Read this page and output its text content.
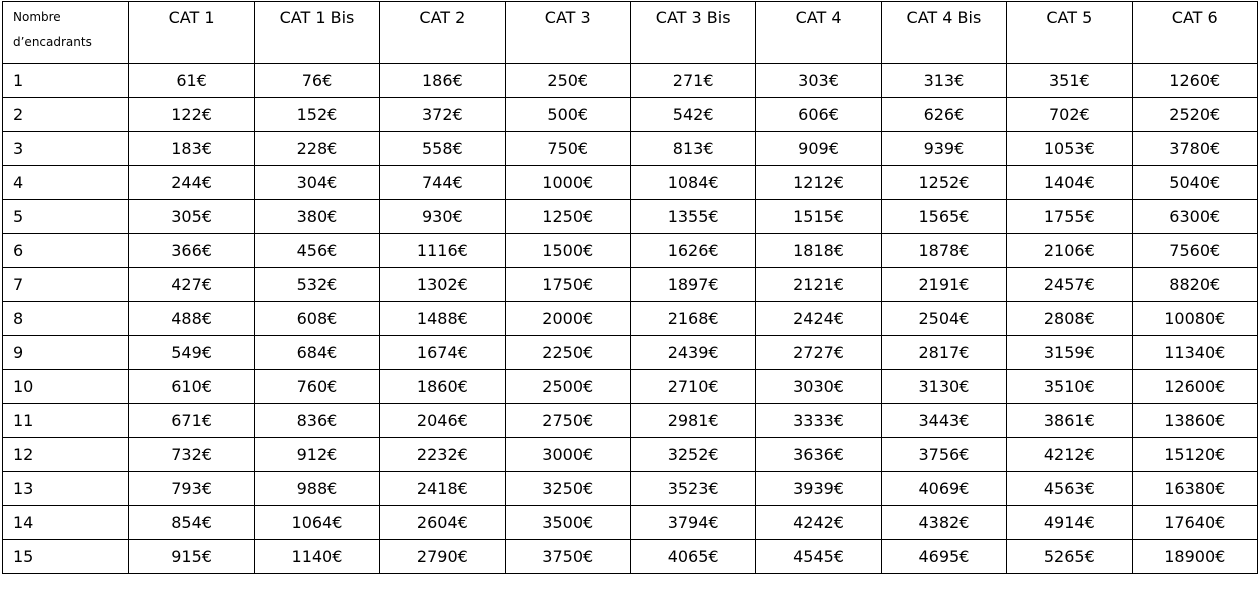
Nombre
d’encadrants	CAT 1	CAT 1 Bis	CAT 2	CAT 3	CAT 3 Bis	CAT 4	CAT 4 Bis	CAT 5	CAT 6
1	61€	76€	186€	250€	271€	303€	313€	351€	1260€
2	122€	152€	372€	500€	542€	606€	626€	702€	2520€
3	183€	228€	558€	750€	813€	909€	939€	1053€	3780€
4	244€	304€	744€	1000€	1084€	1212€	1252€	1404€	5040€
5	305€	380€	930€	1250€	1355€	1515€	1565€	1755€	6300€
6	366€	456€	1116€	1500€	1626€	1818€	1878€	2106€	7560€
7	427€	532€	1302€	1750€	1897€	2121€	2191€	2457€	8820€
8	488€	608€	1488€	2000€	2168€	2424€	2504€	2808€	10080€
9	549€	684€	1674€	2250€	2439€	2727€	2817€	3159€	11340€
10	610€	760€	1860€	2500€	2710€	3030€	3130€	3510€	12600€
11	671€	836€	2046€	2750€	2981€	3333€	3443€	3861€	13860€
12	732€	912€	2232€	3000€	3252€	3636€	3756€	4212€	15120€
13	793€	988€	2418€	3250€	3523€	3939€	4069€	4563€	16380€
14	854€	1064€	2604€	3500€	3794€	4242€	4382€	4914€	17640€
15	915€	1140€	2790€	3750€	4065€	4545€	4695€	5265€	18900€
